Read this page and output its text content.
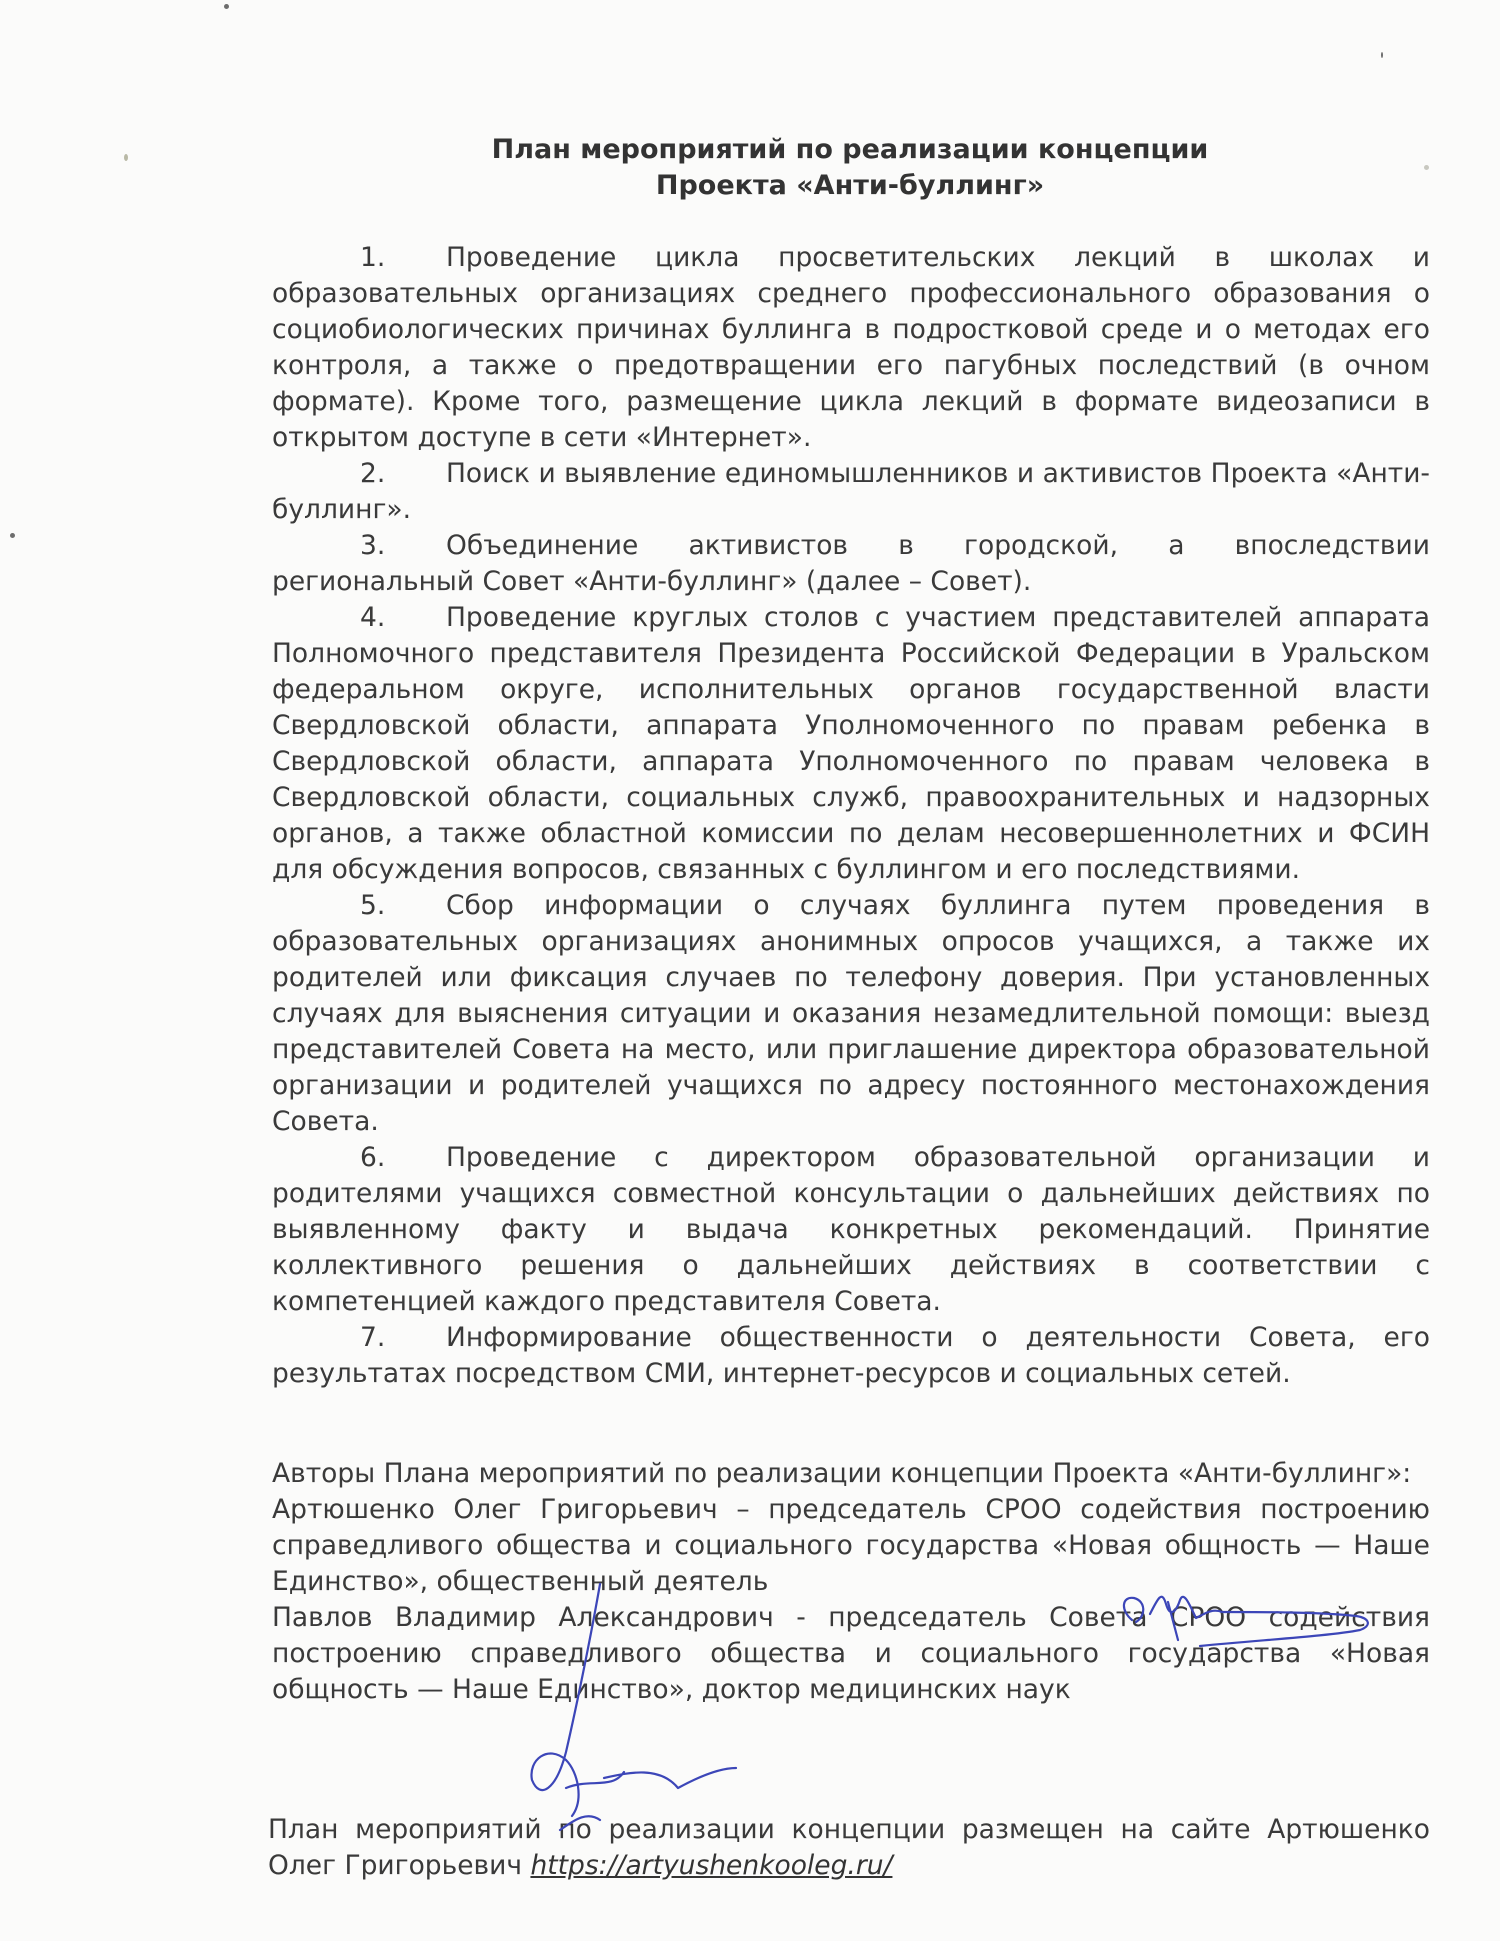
План мероприятий по реализации концепции
Проекта «Анти-буллинг»

1. Проведение цикла просветительских лекций в школах и образовательных организациях среднего профессионального образования о социобиологических причинах буллинга в подростковой среде и о методах его контроля, а также о предотвращении его пагубных последствий (в очном формате). Кроме того, размещение цикла лекций в формате видеозаписи в открытом доступе в сети «Интернет».

2. Поиск и выявление единомышленников и активистов Проекта «Анти-буллинг».

3. Объединение активистов в городской, а впоследствии региональный Совет «Анти-буллинг» (далее – Совет).

4. Проведение круглых столов с участием представителей аппарата Полномочного представителя Президента Российской Федерации в Уральском федеральном округе, исполнительных органов государственной власти Свердловской области, аппарата Уполномоченного по правам ребенка в Свердловской области, аппарата Уполномоченного по правам человека в Свердловской области, социальных служб, правоохранительных и надзорных органов, а также областной комиссии по делам несовершеннолетних и ФСИН для обсуждения вопросов, связанных с буллингом и его последствиями.

5. Сбор информации о случаях буллинга путем проведения в образовательных организациях анонимных опросов учащихся, а также их родителей или фиксация случаев по телефону доверия. При установленных случаях для выяснения ситуации и оказания незамедлительной помощи: выезд представителей Совета на место, или приглашение директора образовательной организации и родителей учащихся по адресу постоянного местонахождения Совета.

6. Проведение с директором образовательной организации и родителями учащихся совместной консультации о дальнейших действиях по выявленному факту и выдача конкретных рекомендаций. Принятие коллективного решения о дальнейших действиях в соответствии с компетенцией каждого представителя Совета.

7. Информирование общественности о деятельности Совета, его результатах посредством СМИ, интернет-ресурсов и социальных сетей.

Авторы Плана мероприятий по реализации концепции Проекта «Анти-буллинг»:

Артюшенко Олег Григорьевич – председатель СРОО содействия построению справедливого общества и социального государства «Новая общность — Наше Единство», общественный деятель

Павлов Владимир Александрович - председатель Совета СРОО содействия построению справедливого общества и социального государства «Новая общность — Наше Единство», доктор медицинских наук

План мероприятий по реализации концепции размещен на сайте Артюшенко Олег Григорьевич https://artyushenkooleg.ru/
